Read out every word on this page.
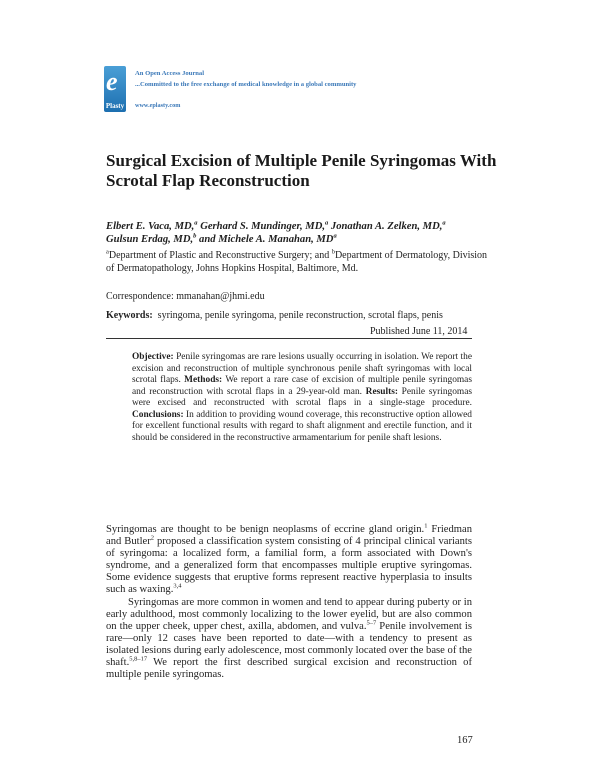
e
Plasty
An Open Access Journal
...Committed to the free exchange of medical knowledge in a global community
www.eplasty.com
Surgical Excision of Multiple Penile Syringomas With Scrotal Flap Reconstruction
Elbert E. Vaca, MD,$^a$ Gerhard S. Mundinger, MD,$^a$ Jonathan A. Zelken, MD,$^a$
Gulsun Erdag, MD,$^b$ and Michele A. Manahan, $MD^a$
$^a$Department of Plastic and Reconstructive Surgery; and $^b$Department of Dermatology, Division of Dermatopathology, Johns Hopkins Hospital, Baltimore, Md.
Correspondence: mmanahan@jhmi.edu
Keywords: syringoma, penile syringoma, penile reconstruction, scrotal flaps, penis
Published June 11, 2014

Objective: Penile syringomas are rare lesions usually occurring in isolation. We report the excision and reconstruction of multiple synchronous penile shaft syringomas with local scrotal flaps. Methods: We report a rare case of excision of multiple penile syringomas and reconstruction with scrotal flaps in a 29-year-old man. Results: Penile syringomas were excised and reconstructed with scrotal flaps in a single-stage procedure. Conclusions: In addition to providing wound coverage, this reconstructive option allowed for excellent functional results with regard to shaft alignment and erectile function, and it should be considered in the reconstructive armamentarium for penile shaft lesions.

Syringomas are thought to be benign neoplasms of eccrine gland origin.$^1$ Friedman and Butler$^2$ proposed a classification system consisting of 4 principal clinical variants of syringoma: a localized form, a familial form, a form associated with Down's syndrome, and a generalized form that encompasses multiple eruptive syringomas. Some evidence suggests that eruptive forms represent reactive hyperplasia to insults such as waxing.$^{3,4}$

Syringomas are more common in women and tend to appear during puberty or in early adulthood, most commonly localizing to the lower eyelid, but are also common on the upper cheek, upper chest, axilla, abdomen, and vulva.$^{5-7}$ Penile involvement is rare—only 12 cases have been reported to date—with a tendency to present as isolated lesions during early adolescence, most commonly located over the base of the shaft.$^{5,8-17}$ We report the first described surgical excision and reconstruction of multiple penile syringomas.

167
